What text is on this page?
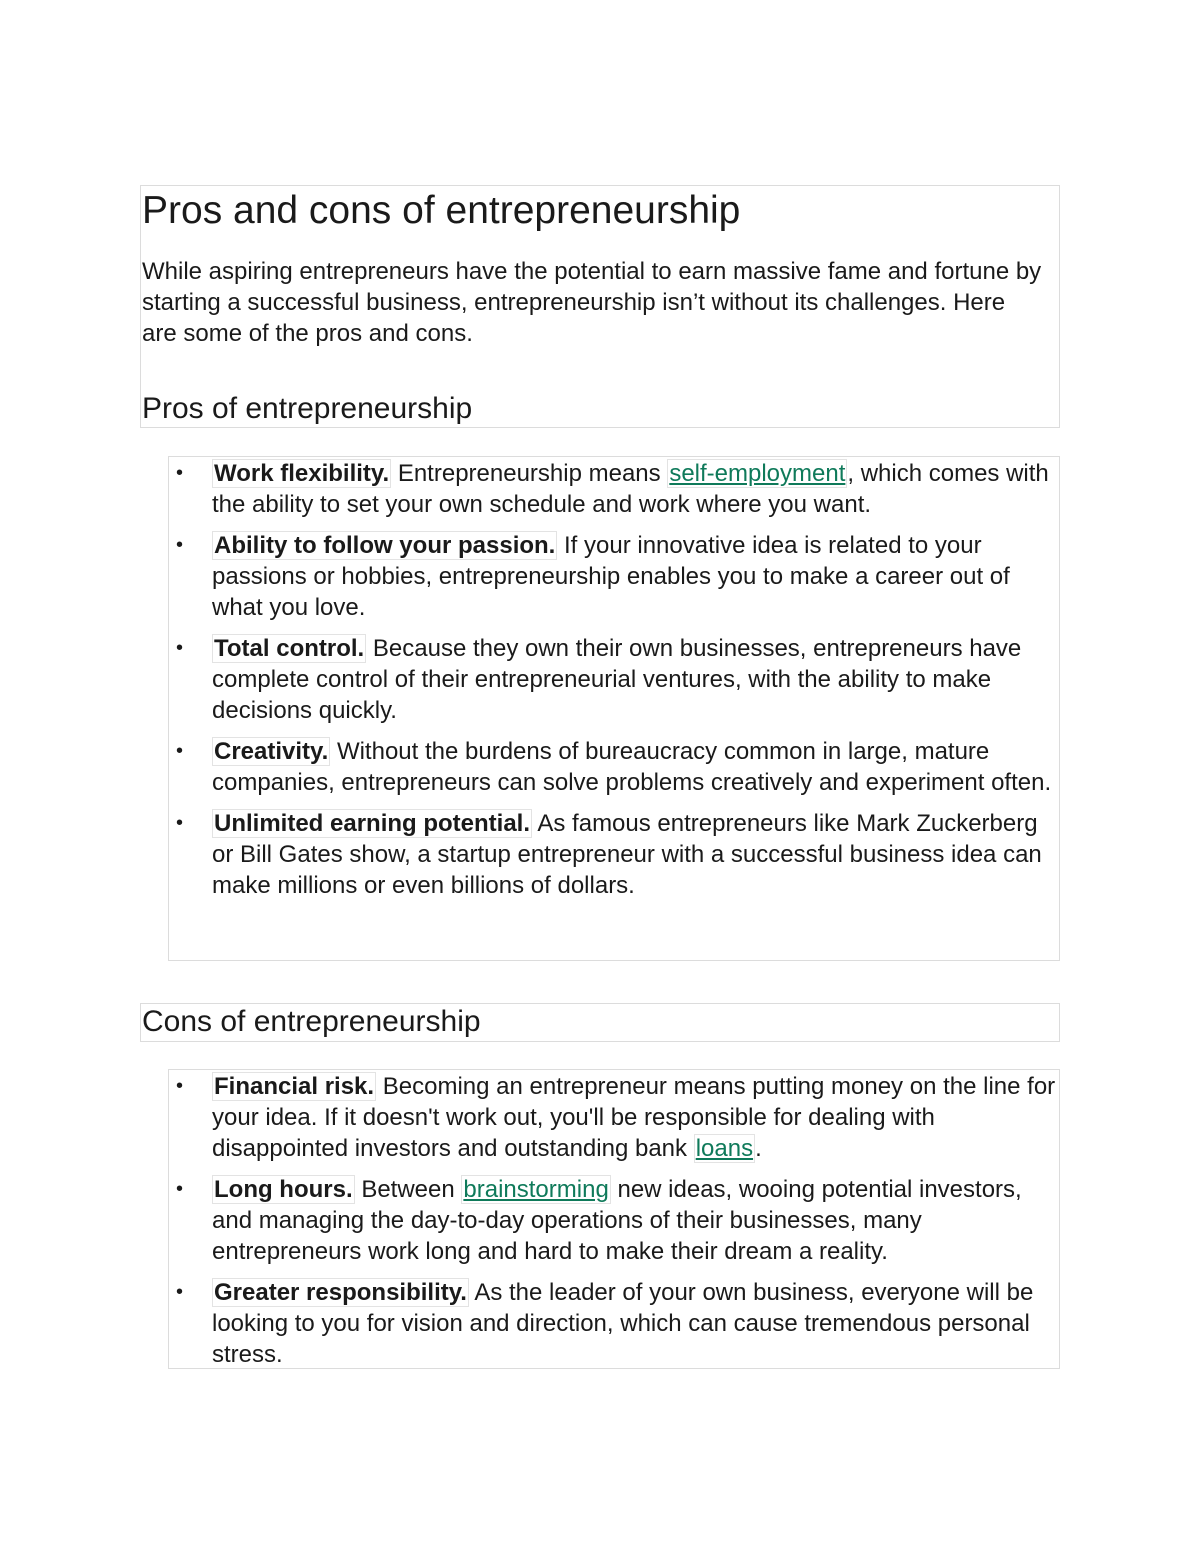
Pros and cons of entrepreneurship

While aspiring entrepreneurs have the potential to earn massive fame and fortune by starting a successful business, entrepreneurship isn’t without its challenges. Here are some of the pros and cons.

Pros of entrepreneurship
• Work flexibility. Entrepreneurship means self-employment, which comes with the ability to set your own schedule and work where you want.
• Ability to follow your passion. If your innovative idea is related to your passions or hobbies, entrepreneurship enables you to make a career out of what you love.
• Total control. Because they own their own businesses, entrepreneurs have complete control of their entrepreneurial ventures, with the ability to make decisions quickly.
• Creativity. Without the burdens of bureaucracy common in large, mature companies, entrepreneurs can solve problems creatively and experiment often.
• Unlimited earning potential. As famous entrepreneurs like Mark Zuckerberg or Bill Gates show, a startup entrepreneur with a successful business idea can make millions or even billions of dollars.
Cons of entrepreneurship
• Financial risk. Becoming an entrepreneur means putting money on the line for your idea. If it doesn't work out, you'll be responsible for dealing with disappointed investors and outstanding bank loans.
• Long hours. Between brainstorming new ideas, wooing potential investors, and managing the day-to-day operations of their businesses, many entrepreneurs work long and hard to make their dream a reality.
• Greater responsibility. As the leader of your own business, everyone will be looking to you for vision and direction, which can cause tremendous personal stress.
